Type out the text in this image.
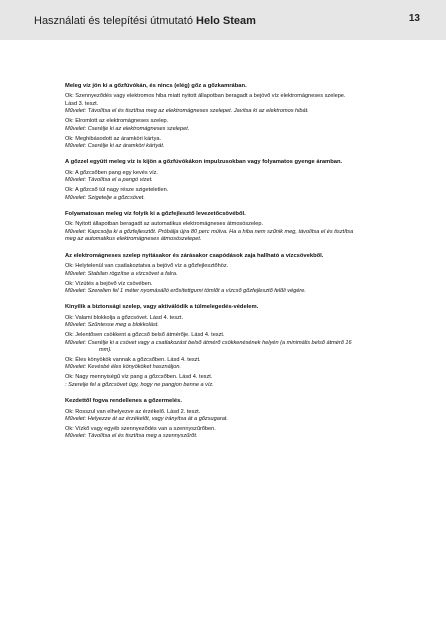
Használati és telepítési útmutató Helo Steam	13
Meleg víz jön ki a gőzfúvókán, és nincs (elég) gőz a gőzkamrában.
Ok: Szennyeződés vagy elektromos hiba miatt nyitott állapotban beragadt a bejövő víz elektromágneses szelepe.
Lásd 3. teszt.
Művelet: Távolítsa el és tisztítsa meg az elektromágneses szelepet. Javítsa ki az elektromos hibát.
Ok: Elromlott az elektromágneses szelep.
Művelet: Cserélje ki az elektromágneses szelepet.
Ok: Meghibásodott az áramköri kártya.
Művelet: Cserélje ki az áramköri kártyát.
A gőzzel együtt meleg víz is kijön a gőzfúvókákon impulzusokban vagy folyamatos gyenge áramban.
Ok: A gőzcsőben pang egy kevés víz.
Művelet: Távolítsa el a pangó vizet.
Ok: A gőzcső túl nagy része szigeteletlen.
Művelet: Szigetelje a gőzcsövet.
Folyamatosan meleg víz folyik ki a gőzfejlesztő levezetőcsövéből.
Ok: Nyitott állapotban beragadt az automatikus elektromágneses átmosószelep.
Művelet: Kapcsolja ki a gőzfejlesztőt. Próbálja újra 80 perc múlva. Ha a hiba nem szűnik meg, távolítsa el és tisztítsa
meg az automatikus elektromágneses átmosószelepet.
Az elektromágneses szelep nyitásakor és zárásakor csapódások zaja hallható a vízcsövekből.
Ok: Helytelenül van csatlakoztatva a bejövő víz a gőzfejlesztőhöz.
Művelet: Stabilan rögzítse a vízcsövet a falra.
Ok: Vízütés a bejövő víz csövében.
Művelet: Szerelien fel 1 méter nyomásálló erősítettgumi tömlőt a vízcső gőzfejlesztő felőli végére.
Kinyílik a biztonsági szelep, vagy aktiválódik a túlmelegedés-védelem.
Ok: Valami blokkolja a gőzcsövet. Lásd 4. teszt.
Művelet: Szűntesse meg a blokkolást.
Ok: Jelentősen csökkent a gőzcső belső átmérője. Lásd 4. teszt.
Művelet: Cserélje ki a csövet vagy a csatlakozást belső átmérő csökkenésének helyén (a minimális belső átmérő 16
mm).
Ok: Éles könyökök vannak a gőzcsőben. Lásd 4. teszt.
Művelet: Kevésbé éles könyököket használjon.
Ok: Nagy mennyiségű víz pang a gőzcsőben. Lásd 4. teszt.
: Szerelje fel a gőzcsövet úgy, hogy ne pangjon benne a víz.
Kezdettől fogva rendellenes a gőzermelés.
Ok: Rosszul van elhelyezve az érzékelő. Lásd 2. teszt.
Művelet: Helyezze át az érzékelőt, vagy irányítsa át a gőzsugarat.
Ok: Vízkő vagy egyéb szennyeződés van a szennyszűrőben.
Művelet: Távolítsa el és tisztítsa meg a szennyszűrőt.
